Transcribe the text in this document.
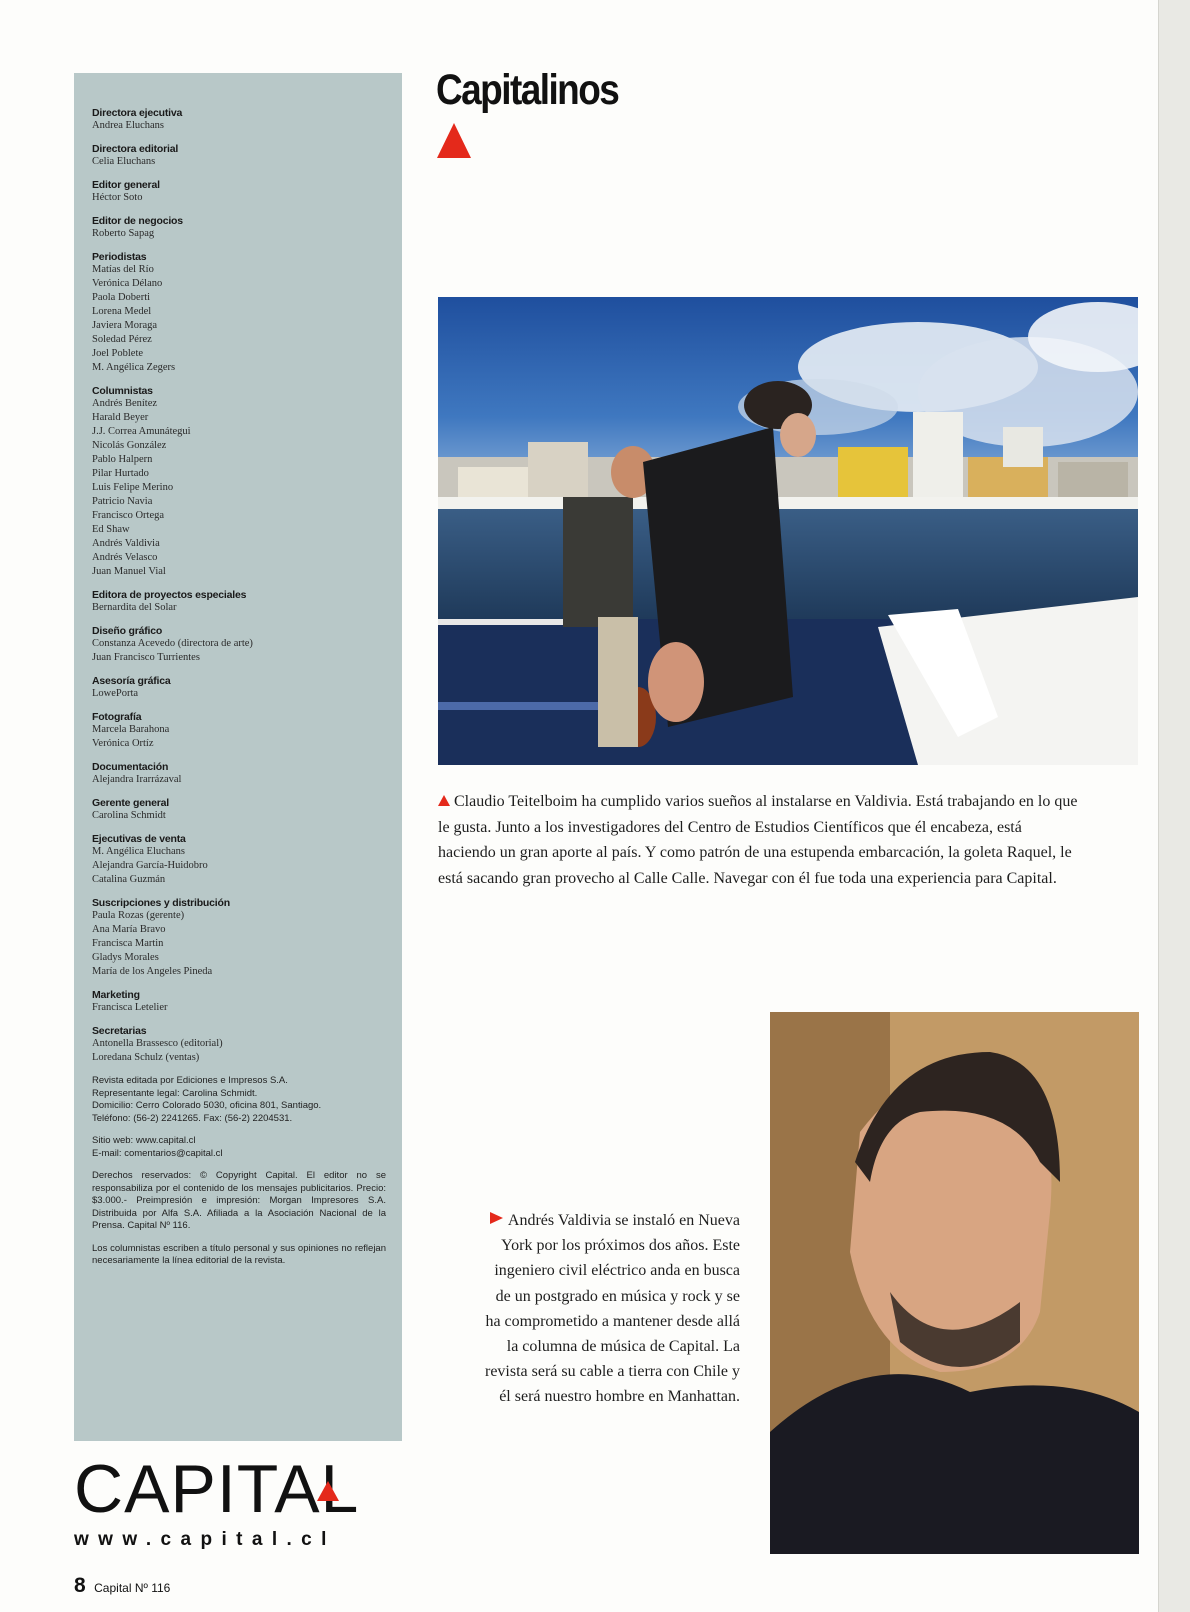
Directora ejecutiva
Andrea Eluchans
Directora editorial
Celia Eluchans
Editor general
Héctor Soto
Editor de negocios
Roberto Sapag
Periodistas
Matías del Río
Verónica Délano
Paola Doberti
Lorena Medel
Javiera Moraga
Soledad Pérez
Joel Poblete
M. Angélica Zegers
Columnistas
Andrés Benítez
Harald Beyer
J.J. Correa Amunátegui
Nicolás González
Pablo Halpern
Pilar Hurtado
Luis Felipe Merino
Patricio Navia
Francisco Ortega
Ed Shaw
Andrés Valdivia
Andrés Velasco
Juan Manuel Vial
Editora de proyectos especiales
Bernardita del Solar
Diseño gráfico
Constanza Acevedo (directora de arte)
Juan Francisco Turrientes
Asesoría gráfica
LowePorta
Fotografía
Marcela Barahona
Verónica Ortíz
Documentación
Alejandra Irarrázaval
Gerente general
Carolina Schmidt
Ejecutivas de venta
M. Angélica Eluchans
Alejandra García-Huidobro
Catalina Guzmán
Suscripciones y distribución
Paula Rozas (gerente)
Ana María Bravo
Francisca Martin
Gladys Morales
María de los Angeles Pineda
Marketing
Francisca Letelier
Secretarias
Antonella Brassesco (editorial)
Loredana Schulz (ventas)

Revista editada por Ediciones e Impresos S.A.

Representante legal: Carolina Schmidt.

Domicilio: Cerro Colorado 5030, oficina 801, Santiago.

Teléfono: (56-2) 2241265. Fax: (56-2) 2204531.

Sitio web: www.capital.cl

E-mail: comentarios@capital.cl

Derechos reservados: © Copyright Capital. El editor no se responsabiliza por el contenido de los mensajes publicitarios. Precio: $3.000.- Preimpresión e impresión: Morgan Impresores S.A. Distribuida por Alfa S.A. Afiliada a la Asociación Nacional de la Prensa. Capital Nº 116.
Los columnistas escriben a título personal y sus opiniones no reflejan necesariamente la línea editorial de la revista.
CAPITAL
www.capital.cl
8 Capital Nº 116
Capitalinos
Claudio Teitelboim ha cumplido varios sueños al instalarse en Valdivia. Está trabajando en lo que le gusta. Junto a los investigadores del Centro de Estudios Científicos que él encabeza, está haciendo un gran aporte al país. Y como patrón de una estupenda embarcación, la goleta Raquel, le está sacando gran provecho al Calle Calle. Navegar con él fue toda una experiencia para Capital.
Andrés Valdivia se instaló en Nueva York por los próximos dos años. Este ingeniero civil eléctrico anda en busca de un postgrado en música y rock y se ha comprometido a mantener desde allá la columna de música de Capital. La revista será su cable a tierra con Chile y él será nuestro hombre en Manhattan.
